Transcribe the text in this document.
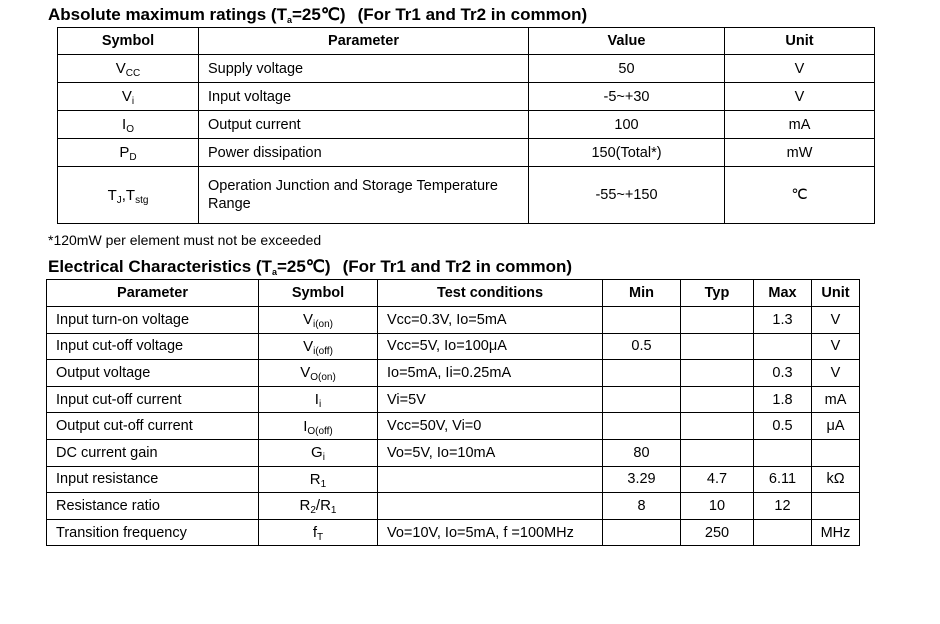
Absolute maximum ratings $(T_a=25℃)$ (For Tr1 and Tr2 in common)
Symbol	Parameter	Value	Unit
$V_{CC}$	Supply voltage	50	V
$V_i$	Input voltage	-5~+30	V
$I_O$	Output current	100	mA
$P_D$	Power dissipation	150(Total*)	mW
$T_J,T_{stg}$	Operation Junction and Storage Temperature Range	-55~+150	℃
*120mW per element must not be exceeded
Electrical Characteristics $(T_a=25℃)$ (For Tr1 and Tr2 in common)
Parameter	Symbol	Test conditions	Min	Typ	Max	Unit
Input turn-on voltage	$V_{i(on)}$	Vcc=0.3V, Io=5mA			1.3	V
Input cut-off voltage	$V_{i(off)}$	Vcc=5V, Io=100μA	0.5			V
Output voltage	$V_{O(on)}$	Io=5mA, Ii=0.25mA			0.3	V
Input cut-off current	$I_i$	Vi=5V			1.8	mA
Output cut-off current	$I_{O(off)}$	Vcc=50V, Vi=0			0.5	μA
DC current gain	$G_i$	Vo=5V, Io=10mA	80			
Input resistance	$R_1$		3.29	4.7	6.11	kΩ
Resistance ratio	$R_2/R_1$		8	10	12	
Transition frequency	$f_T$	Vo=10V, Io=5mA, f =100MHz		250		MHz
